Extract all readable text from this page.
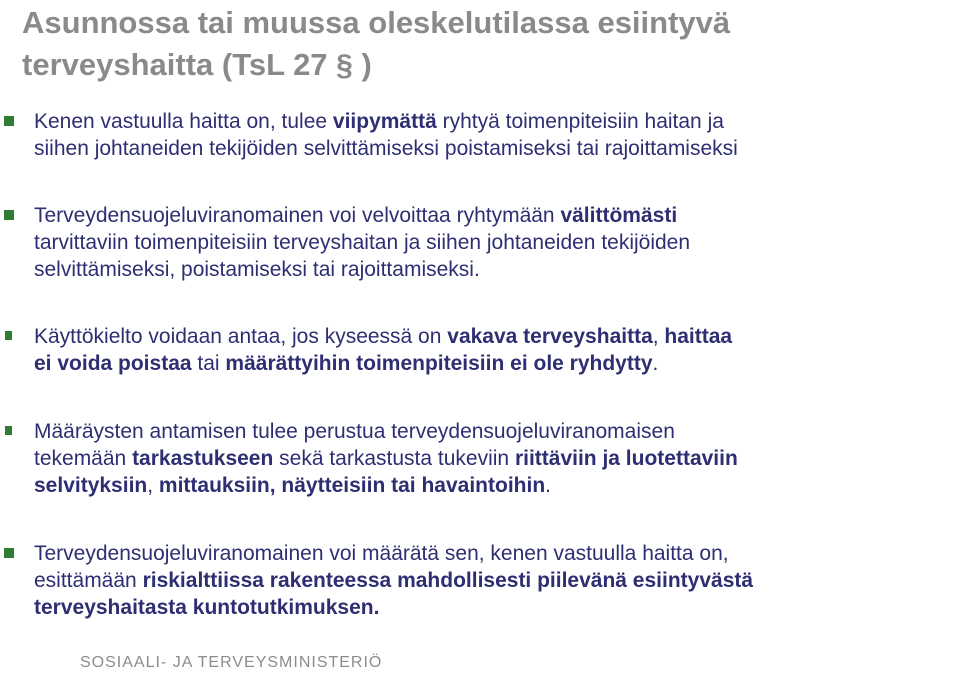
Asunnossa tai muussa oleskelutilassa esiintyvä
terveyshaitta (TsL 27 § )
Kenen vastuulla haitta on, tulee viipymättä ryhtyä toimenpiteisiin haitan ja
siihen johtaneiden tekijöiden selvittämiseksi poistamiseksi tai rajoittamiseksi
Terveydensuojeluviranomainen voi velvoittaa ryhtymään välittömästi
tarvittaviin toimenpiteisiin terveyshaitan ja siihen johtaneiden tekijöiden
selvittämiseksi, poistamiseksi tai rajoittamiseksi.
Käyttökielto voidaan antaa, jos kyseessä on vakava terveyshaitta, haittaa
ei voida poistaa tai määrättyihin toimenpiteisiin ei ole ryhdytty.
Määräysten antamisen tulee perustua terveydensuojeluviranomaisen
tekemään tarkastukseen sekä tarkastusta tukeviin riittäviin ja luotettaviin
selvityksiin, mittauksiin, näytteisiin tai havaintoihin.
Terveydensuojeluviranomainen voi määrätä sen, kenen vastuulla haitta on,
esittämään riskialttiissa rakenteessa mahdollisesti piilevänä esiintyvästä
terveyshaitasta kuntotutkimuksen.
SOSIAALI- JA TERVEYSMINISTERIÖ
